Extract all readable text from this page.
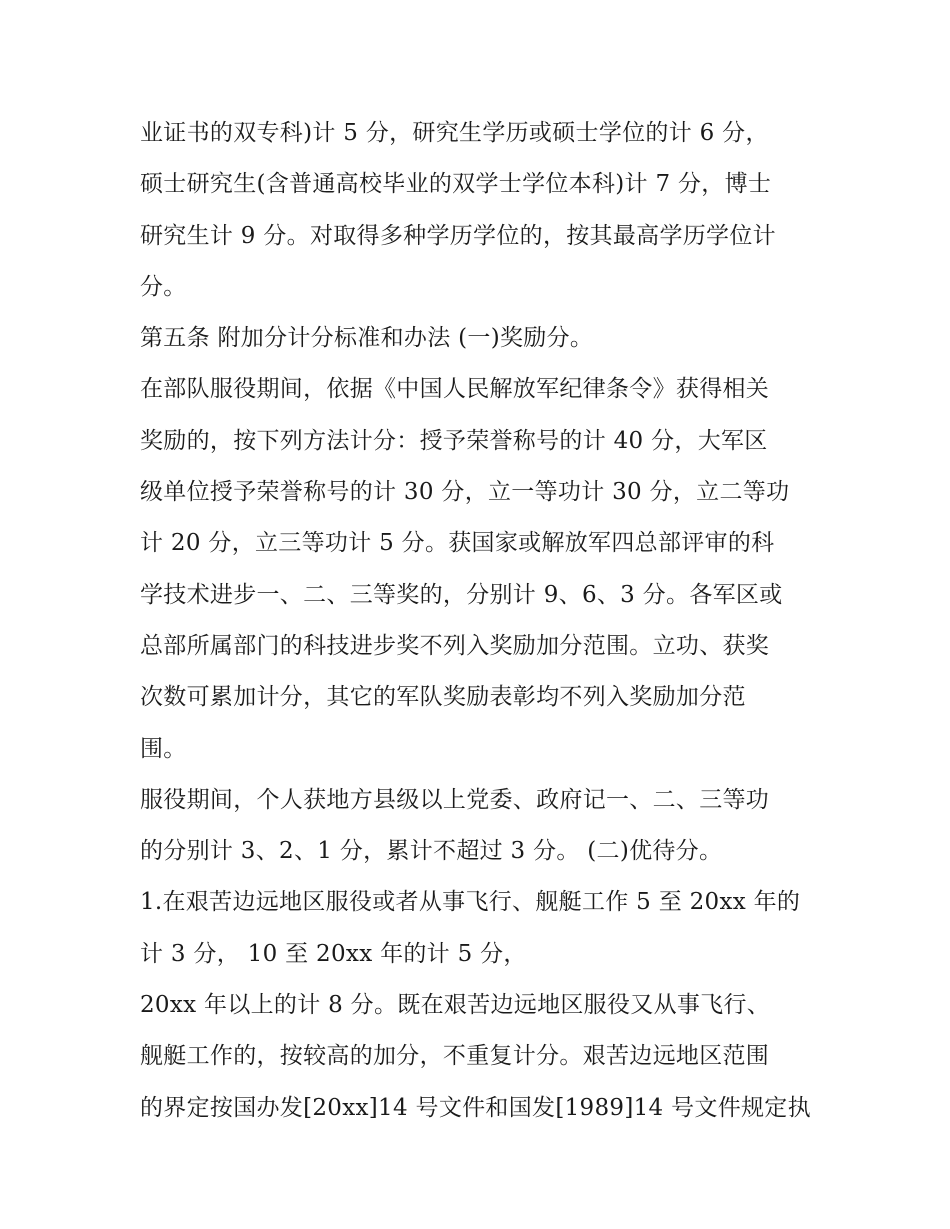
业证书的双专科)计 5 分，研究生学历或硕士学位的计 6 分，
硕士研究生(含普通高校毕业的双学士学位本科)计 7 分，博士
研究生计 9 分。对取得多种学历学位的，按其最高学历学位计
分。
第五条 附加分计分标准和办法 (一)奖励分。
在部队服役期间，依据《中国人民解放军纪律条令》获得相关
奖励的，按下列方法计分：授予荣誉称号的计 40 分，大军区
级单位授予荣誉称号的计 30 分，立一等功计 30 分，立二等功
计 20 分，立三等功计 5 分。获国家或解放军四总部评审的科
学技术进步一、二、三等奖的，分别计 9、6、3 分。各军区或
总部所属部门的科技进步奖不列入奖励加分范围。立功、获奖
次数可累加计分，其它的军队奖励表彰均不列入奖励加分范
围。
服役期间，个人获地方县级以上党委、政府记一、二、三等功
的分别计 3、2、1 分，累计不超过 3 分。 (二)优待分。
1.在艰苦边远地区服役或者从事飞行、舰艇工作 5 至 20xx 年的
计 3 分， 10 至 20xx 年的计 5 分，
20xx 年以上的计 8 分。既在艰苦边远地区服役又从事飞行、
舰艇工作的，按较高的加分，不重复计分。艰苦边远地区范围
的界定按国办发[20xx]14 号文件和国发[1989]14 号文件规定执
